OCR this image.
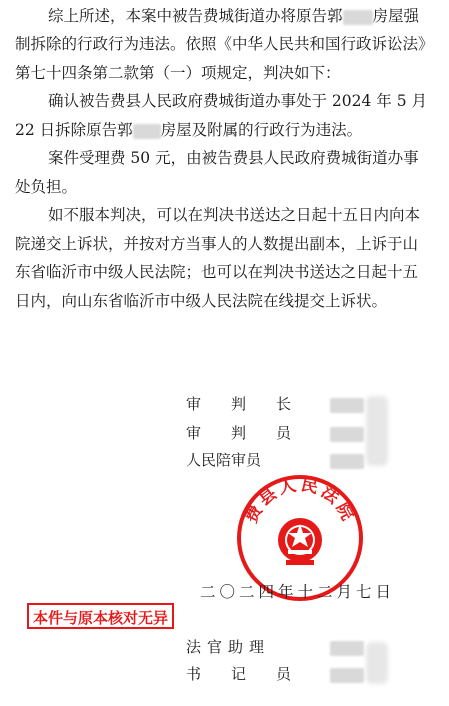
综上所述，本案中被告费城街道办将原告郭 房屋强
制拆除的行政行为违法。依照《中华人民共和国行政诉讼法》
第七十四条第二款第（一）项规定，判决如下：
确认被告费县人民政府费城街道办事处于 2024 年 5 月
22 日拆除原告郭 房屋及附属的行政行为违法。
案件受理费 50 元，由被告费县人民政府费城街道办事
处负担。
如不服本判决，可以在判决书送达之日起十五日内向本
院递交上诉状，并按对方当事人的人数提出副本，上诉于山
东省临沂市中级人民法院；也可以在判决书送达之日起十五
日内，向山东省临沂市中级人民法院在线提交上诉状。
审　　判　　长
审　　判　　员
人民陪审员
费县人民法院
二〇二四年十二月七日
本件与原本核对无异
法官助理
书　　记　　员
